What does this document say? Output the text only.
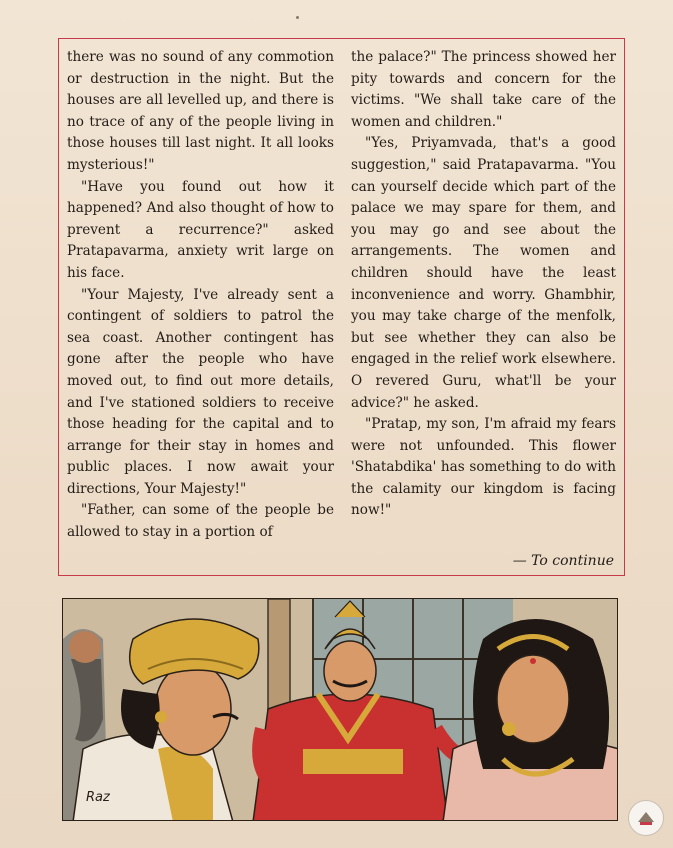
there was no sound of any commotion or destruction in the night. But the houses are all levelled up, and there is no trace of any of the people living in those houses till last night. It all looks mysterious!"

"Have you found out how it happened? And also thought of how to prevent a recurrence?" asked Pratapavarma, anxiety writ large on his face.

"Your Majesty, I've already sent a contingent of soldiers to patrol the sea coast. Another contingent has gone after the people who have moved out, to find out more details, and I've stationed soldiers to receive those heading for the capital and to arrange for their stay in homes and public places. I now await your directions, Your Majesty!"

"Father, can some of the people be allowed to stay in a portion of

the palace?" The princess showed her pity towards and concern for the victims. "We shall take care of the women and children."

"Yes, Priyamvada, that's a good suggestion," said Pratapavarma. "You can yourself decide which part of the palace we may spare for them, and you may go and see about the arrangements. The women and children should have the least inconvenience and worry. Ghambhir, you may take charge of the menfolk, but see whether they can also be engaged in the relief work elsewhere. O revered Guru, what'll be your advice?" he asked.

"Pratap, my son, I'm afraid my fears were not unfounded. This flower 'Shatabdika' has something to do with the calamity our kingdom is facing now!"

— To continue
Raz
